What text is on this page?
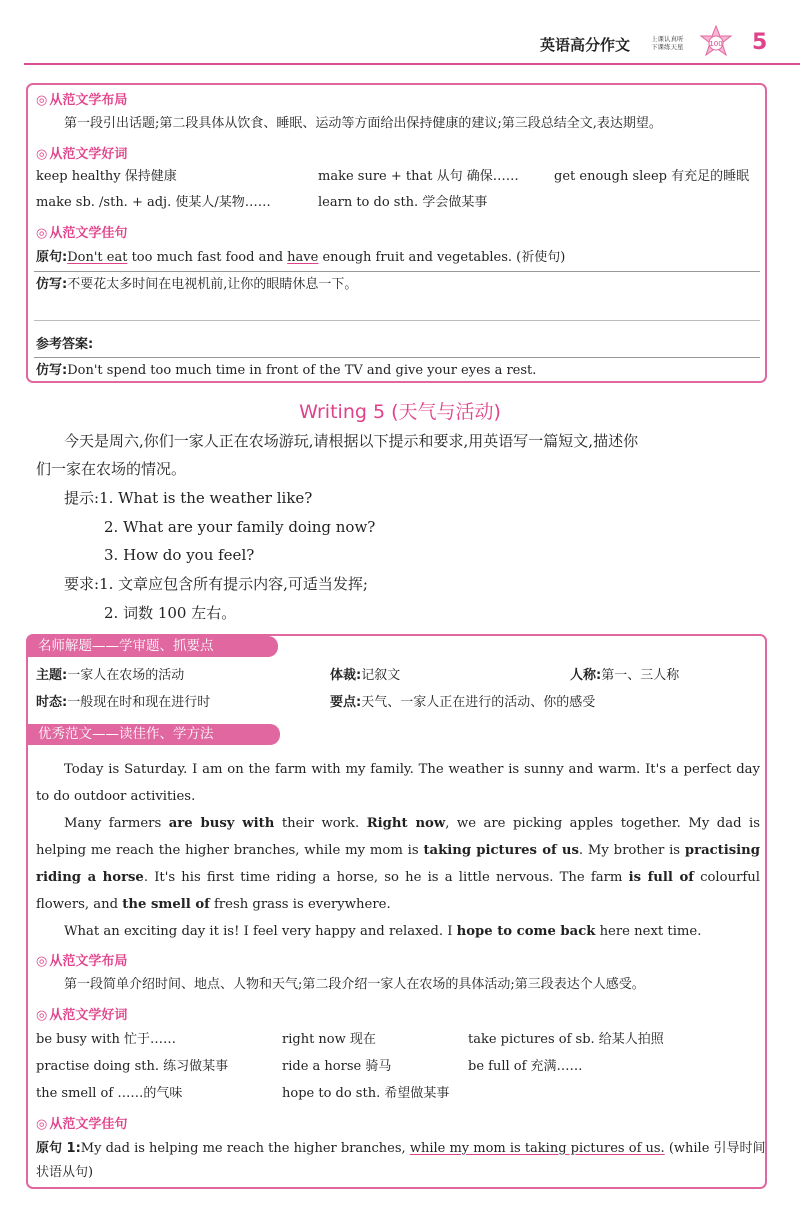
英语高分作文	上课认真听
下课练天星	100 5
◎ 从范文学布局
第一段引出话题;第二段具体从饮食、睡眠、运动等方面给出保持健康的建议;第三段总结全文,表达期望。
◎ 从范文学好词
keep healthy 保持健康	make sure + that 从句 确保……	get enough sleep 有充足的睡眠
make sb. /sth. + adj. 使某人/某物……	learn to do sth. 学会做某事
◎ 从范文学佳句
原句:Don't eat too much fast food and have enough fruit and vegetables. (祈使句)
仿写:不要花太多时间在电视机前,让你的眼睛休息一下。
参考答案:
仿写:Don't spend too much time in front of the TV and give your eyes a rest.
Writing 5 (天气与活动)
今天是周六,你们一家人正在农场游玩,请根据以下提示和要求,用英语写一篇短文,描述你
们一家在农场的情况。
提示:1. What is the weather like?
2. What are your family doing now?
3. How do you feel?
要求:1. 文章应包含所有提示内容,可适当发挥;
2. 词数 100 左右。
名师解题——学审题、抓要点
主题:一家人在农场的活动	体裁:记叙文	人称:第一、三人称
时态:一般现在时和现在进行时	要点:天气、一家人正在进行的活动、你的感受
优秀范文——读佳作、学方法

Today is Saturday. I am on the farm with my family. The weather is sunny and warm. It's a perfect day to do outdoor activities.

Many farmers are busy with their work. Right now, we are picking apples together. My dad is helping me reach the higher branches, while my mom is taking pictures of us. My brother is practising riding a horse. It's his first time riding a horse, so he is a little nervous. The farm is full of colourful flowers, and the smell of fresh grass is everywhere.

What an exciting day it is! I feel very happy and relaxed. I hope to come back here next time.

◎ 从范文学布局
第一段简单介绍时间、地点、人物和天气;第二段介绍一家人在农场的具体活动;第三段表达个人感受。
◎ 从范文学好词
be busy with 忙于……	right now 现在	take pictures of sb. 给某人拍照
practise doing sth. 练习做某事	ride a horse 骑马	be full of 充满……
the smell of ……的气味	hope to do sth. 希望做某事
◎ 从范文学佳句
原句 1:My dad is helping me reach the higher branches, while my mom is taking pictures of us. (while 引导时间
状语从句)
